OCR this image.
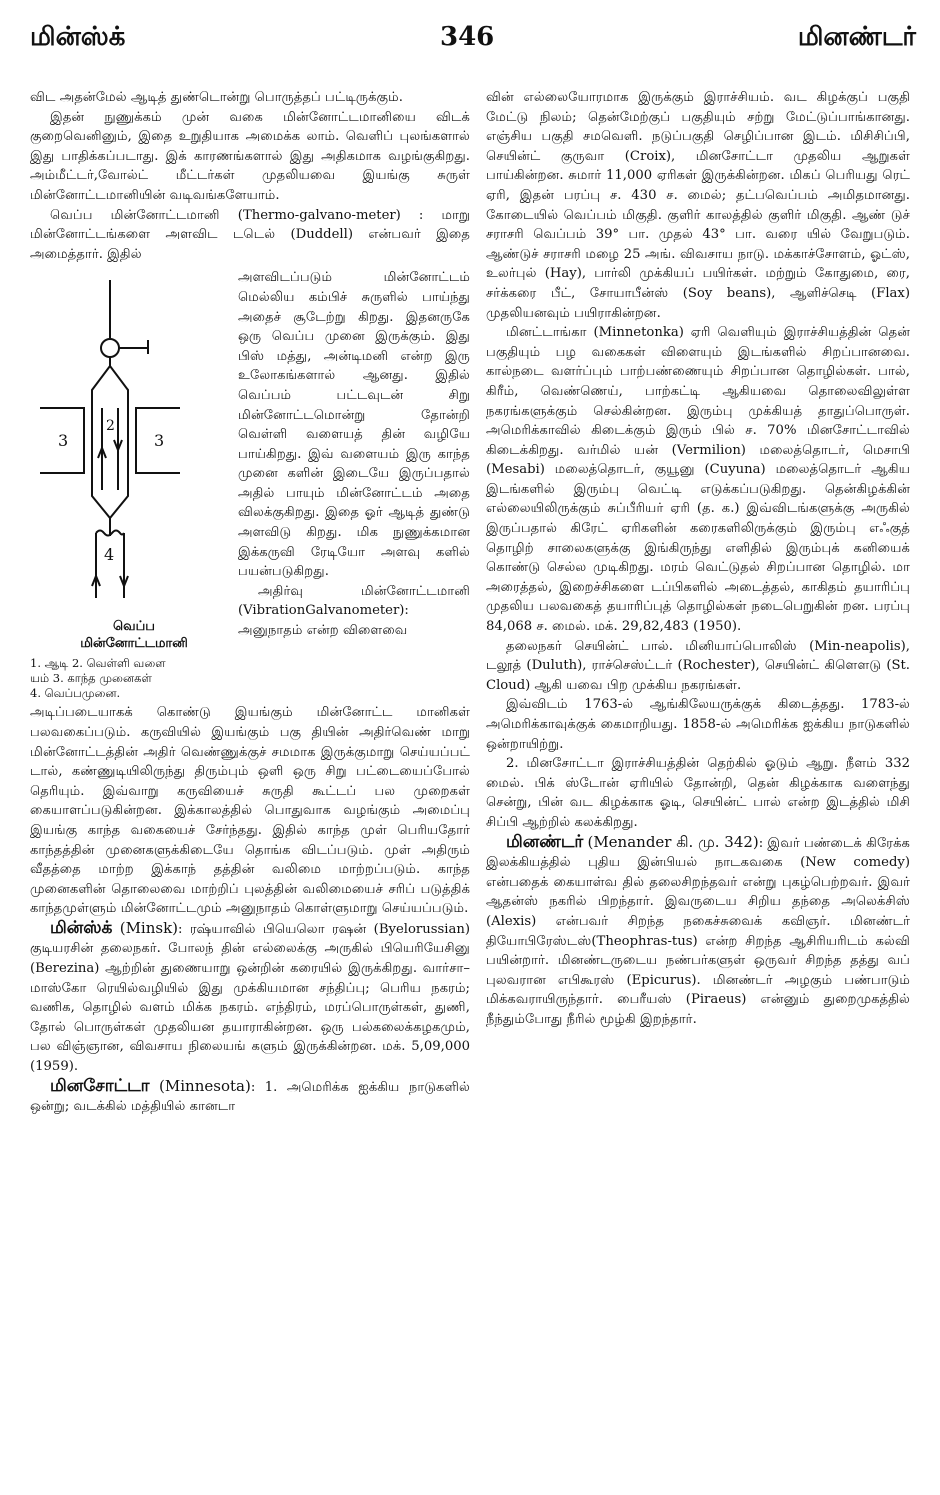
மின்ஸ்க்	346	மினண்டர்

விட அதன்மேல் ஆடித் துண்டொன்று பொருத்தப் பட்டிருக்கும்.

இதன் நுணுக்கம் முன் வகை மின்னோட்டமானியை விடக் குறைவெனினும், இதை உறுதியாக அமைக்க லாம். வெளிப் புலங்களால் இது பாதிக்கப்படாது. இக் காரணங்களால் இது அதிகமாக வழங்குகிறது. அம்மீட்டர்,வோல்ட் மீட்டர்கள் முதலியவை இயங்கு சுருள் மின்னோட்டமானியின் வடிவங்களேயாம்.

வெப்ப மின்னோட்டமானி (Thermo-galvano-meter) : மாறு மின்னோட்டங்களை அளவிட டடெல் (Duddell) என்பவர் இதை அமைத்தார். இதில்

2
3	3
4
வெப்ப
மின்னோட்டமானி
1. ஆடி 2. வெள்ளி வளை
யம் 3. காந்த முனைகள்
4. வெப்பமுனை.

அளவிடப்படும் மின்னோட்டம் மெல்லிய கம்பிச் சுருளில் பாய்ந்து அதைச் சூடேற்று கிறது. இதனருகே ஒரு வெப்ப முனை இருக்கும். இது பிஸ் மத்து, அன்டிமனி என்ற இரு உலோகங்களால் ஆனது. இதில் வெப்பம் பட்டவுடன் சிறு மின்னோட்டமொன்று தோன்றி வெள்ளி வளையத் தின் வழியே பாய்கிறது. இவ் வளையம் இரு காந்த முனை களின் இடையே இருப்பதால் அதில் பாயும் மின்னோட்டம் அதை விலக்குகிறது. இதை ஓர் ஆடித் துண்டு அளவிடு கிறது. மிக நுணுக்கமான இக்கருவி ரேடியோ அளவு களில் பயன்படுகிறது.

அதிர்வு மின்னோட்டமானி (VibrationGalvanometer): அனுநாதம் என்ற விளைவை

அடிப்படையாகக் கொண்டு இயங்கும் மின்னோட்ட மானிகள் பலவகைப்படும். கருவியில் இயங்கும் பகு தியின் அதிர்வெண் மாறு மின்னோட்டத்தின் அதிர் வெண்ணுக்குச் சமமாக இருக்குமாறு செய்யப்பட் டால், கண்ணுடியிலிருந்து திரும்பும் ஒளி ஒரு சிறு பட்டையைப்போல் தெரியும். இவ்வாறு கருவியைச் சுருதி கூட்டப் பல முறைகள் கையாளப்படுகின்றன. இக்காலத்தில் பொதுவாக வழங்கும் அமைப்பு இயங்கு காந்த வகையைச் சேர்ந்தது. இதில் காந்த முள் பெரியதோர் காந்தத்தின் முனைகளுக்கிடையே தொங்க விடப்படும். முள் அதிரும் வீதத்தை மாற்ற இக்காந் தத்தின் வலிமை மாற்றப்படும். காந்த முனைகளின் தொலைவை மாற்றிப் புலத்தின் வலிமையைச் சரிப் படுத்திக் காந்தமுள்ளும் மின்னோட்டமும் அனுநாதம் கொள்ளுமாறு செய்யப்படும்.

மின்ஸ்க் (Minsk): ரஷ்யாவில் பியெலொ ரஷன் (Byelorussian) குடியரசின் தலைநகர். போலந் தின் எல்லைக்கு அருகில் பியெரியேசினு (Berezina) ஆற்றின் துணையாறு ஒன்றின் கரையில் இருக்கிறது. வார்சா–மாஸ்கோ ரெயில்வழியில் இது முக்கியமான சந்திப்பு; பெரிய நகரம்; வணிக, தொழில் வளம் மிக்க நகரம். எந்திரம், மரப்பொருள்கள், துணி, தோல் பொருள்கள் முதலியன தயாராகின்றன. ஒரு பல்கலைக்கழகமும், பல விஞ்ஞான, விவசாய நிலையங் களும் இருக்கின்றன. மக். 5,09,000 (1959).

மினசோட்டா (Minnesota): 1. அமெரிக்க ஐக்கிய நாடுகளில் ஒன்று; வடக்கில் மத்தியில் கானடா

வின் எல்லையோரமாக இருக்கும் இராச்சியம். வட கிழக்குப் பகுதி மேட்டு நிலம்; தென்மேற்குப் பகுதியும் சற்று மேட்டுப்பாங்கானது. எஞ்சிய பகுதி சமவெளி. நடுப்பகுதி செழிப்பான இடம். மிசிசிப்பி, செயின்ட் குருவா (Croix), மினசோட்டா முதலிய ஆறுகள் பாய்கின்றன. சுமார் 11,000 ஏரிகள் இருக்கின்றன. மிகப் பெரியது ரெட் ஏரி, இதன் பரப்பு ச. 430 ச. மைல்; தட்பவெப்பம் அமிதமானது. கோடையில் வெப்பம் மிகுதி. குளிர் காலத்தில் குளிர் மிகுதி. ஆண் டுச் சராசரி வெப்பம் 39° பா. முதல் 43° பா. வரை யில் வேறுபடும். ஆண்டுச் சராசரி மழை 25 அங். விவசாய நாடு. மக்காச்சோளம், ஓட்ஸ், உலர்புல் (Hay), பார்லி முக்கியப் பயிர்கள். மற்றும் கோதுமை, ரை, சர்க்கரை பீட், சோயாபீன்ஸ் (Soy beans), ஆளிச்செடி (Flax) முதலியனவும் பயிராகின்றன.

மினட்டாங்கா (Minnetonka) ஏரி வெளியும் இராச்சியத்தின் தென் பகுதியும் பழ வகைகள் விளையும் இடங்களில் சிறப்பானவை. கால்நடை வளர்ப்பும் பாற்பண்ணையும் சிறப்பான தொழில்கள். பால், கிரீம், வெண்ணெய், பாற்கட்டி ஆகியவை தொலைவிலுள்ள நகரங்களுக்கும் செல்கின்றன. இரும்பு முக்கியத் தாதுப்பொருள். அமெரிக்காவில் கிடைக்கும் இரும் பில் ச. 70% மினசோட்டாவில் கிடைக்கிறது. வர்மில் யன் (Vermilion) மலைத்தொடர், மெசாபி (Mesabi) மலைத்தொடர், குயூனு (Cuyuna) மலைத்தொடர் ஆகிய இடங்களில் இரும்பு வெட்டி எடுக்கப்படுகிறது. தென்கிழக்கின் எல்லையிலிருக்கும் சுப்பீரியர் ஏரி (த. க.) இவ்விடங்களுக்கு அருகில் இருப்பதால் கிரேட் ஏரிகளின் கரைகளிலிருக்கும் இரும்பு எஃகுத் தொழிற் சாலைகளுக்கு இங்கிருந்து எளிதில் இரும்புக் கனியைக் கொண்டு செல்ல முடிகிறது. மரம் வெட்டுதல் சிறப்பான தொழில். மா அரைத்தல், இறைச்சிகளை டப்பிகளில் அடைத்தல், காகிதம் தயாரிப்பு முதலிய பலவகைத் தயாரிப்புத் தொழில்கள் நடைபெறுகின் றன. பரப்பு 84,068 ச. மைல். மக். 29,82,483 (1950).

தலைநகர் செயின்ட் பால். மினியாப்பொலிஸ் (Min-neapolis), டலூத் (Duluth), ராச்செஸ்ட்டர் (Rochester), செயின்ட் கிளௌடு (St. Cloud) ஆகி யவை பிற முக்கிய நகரங்கள்.

இவ்விடம் 1763-ல் ஆங்கிலேயருக்குக் கிடைத்தது. 1783-ல் அமெரிக்காவுக்குக் கைமாறியது. 1858-ல் அமெரிக்க ஐக்கிய நாடுகளில் ஒன்றாயிற்று.

2. மினசோட்டா இராச்சியத்தின் தெற்கில் ஓடும் ஆறு. நீளம் 332 மைல். பிக் ஸ்டோன் ஏரியில் தோன்றி, தென் கிழக்காக வளைந்து சென்று, பின் வட கிழக்காக ஓடி, செயின்ட் பால் என்ற இடத்தில் மிசி சிப்பி ஆற்றில் கலக்கிறது.

மினண்டர் (Menander கி. மு. 342): இவர் பண்டைக் கிரேக்க இலக்கியத்தில் புதிய இன்பியல் நாடகவகை (New comedy) என்பதைக் கையாள்வ தில் தலைசிறந்தவர் என்று புகழ்பெற்றவர். இவர் ஆதன்ஸ் நகரில் பிறந்தார். இவருடைய சிறிய தந்தை அலெக்சிஸ் (Alexis) என்பவர் சிறந்த நகைச்சுவைக் கவிஞர். மினண்டர் தியோபிரேஸ்டஸ்(Theophras-tus) என்ற சிறந்த ஆசிரியரிடம் கல்வி பயின்றார். மினண்டருடைய நண்பர்களுள் ஒருவர் சிறந்த தத்து வப் புலவரான எபிகூரஸ் (Epicurus). மினண்டர் அழகும் பண்பாடும் மிக்கவராயிருந்தார். பைரீயஸ் (Piraeus) என்னும் துறைமுகத்தில் நீந்தும்போது நீரில் மூழ்கி இறந்தார்.
